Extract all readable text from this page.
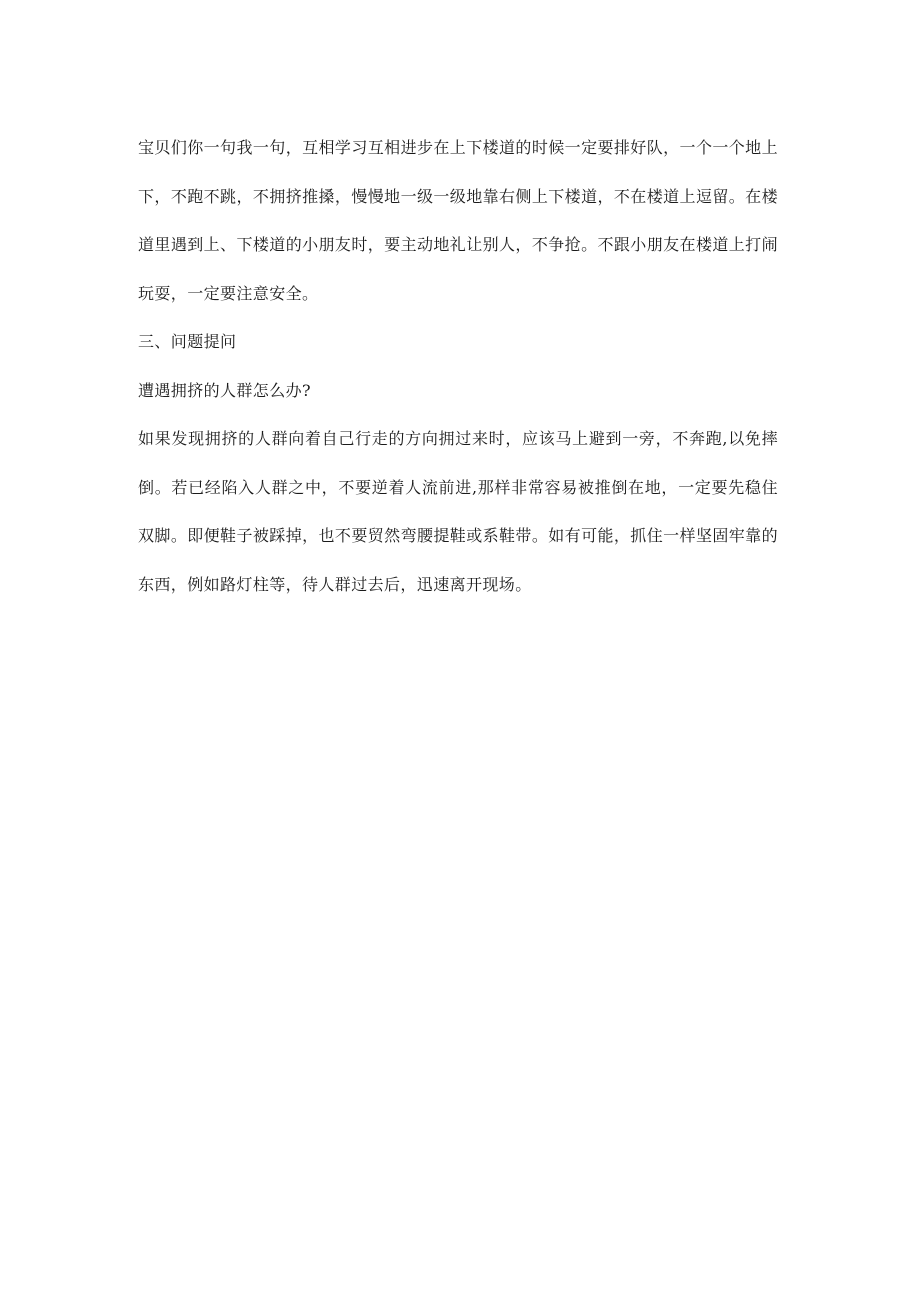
宝贝们你一句我一句，互相学习互相进步在上下楼道的时候一定要排好队，一个一个地上下，不跑不跳，不拥挤推搡，慢慢地一级一级地靠右侧上下楼道，不在楼道上逗留。在楼道里遇到上、下楼道的小朋友时，要主动地礼让别人，不争抢。不跟小朋友在楼道上打闹玩耍，一定要注意安全。

三、问题提问

遭遇拥挤的人群怎么办?

如果发现拥挤的人群向着自己行走的方向拥过来时，应该马上避到一旁，不奔跑,以免摔倒。若已经陷入人群之中，不要逆着人流前进,那样非常容易被推倒在地，一定要先稳住双脚。即便鞋子被踩掉，也不要贸然弯腰提鞋或系鞋带。如有可能，抓住一样坚固牢靠的东西，例如路灯柱等，待人群过去后，迅速离开现场。
